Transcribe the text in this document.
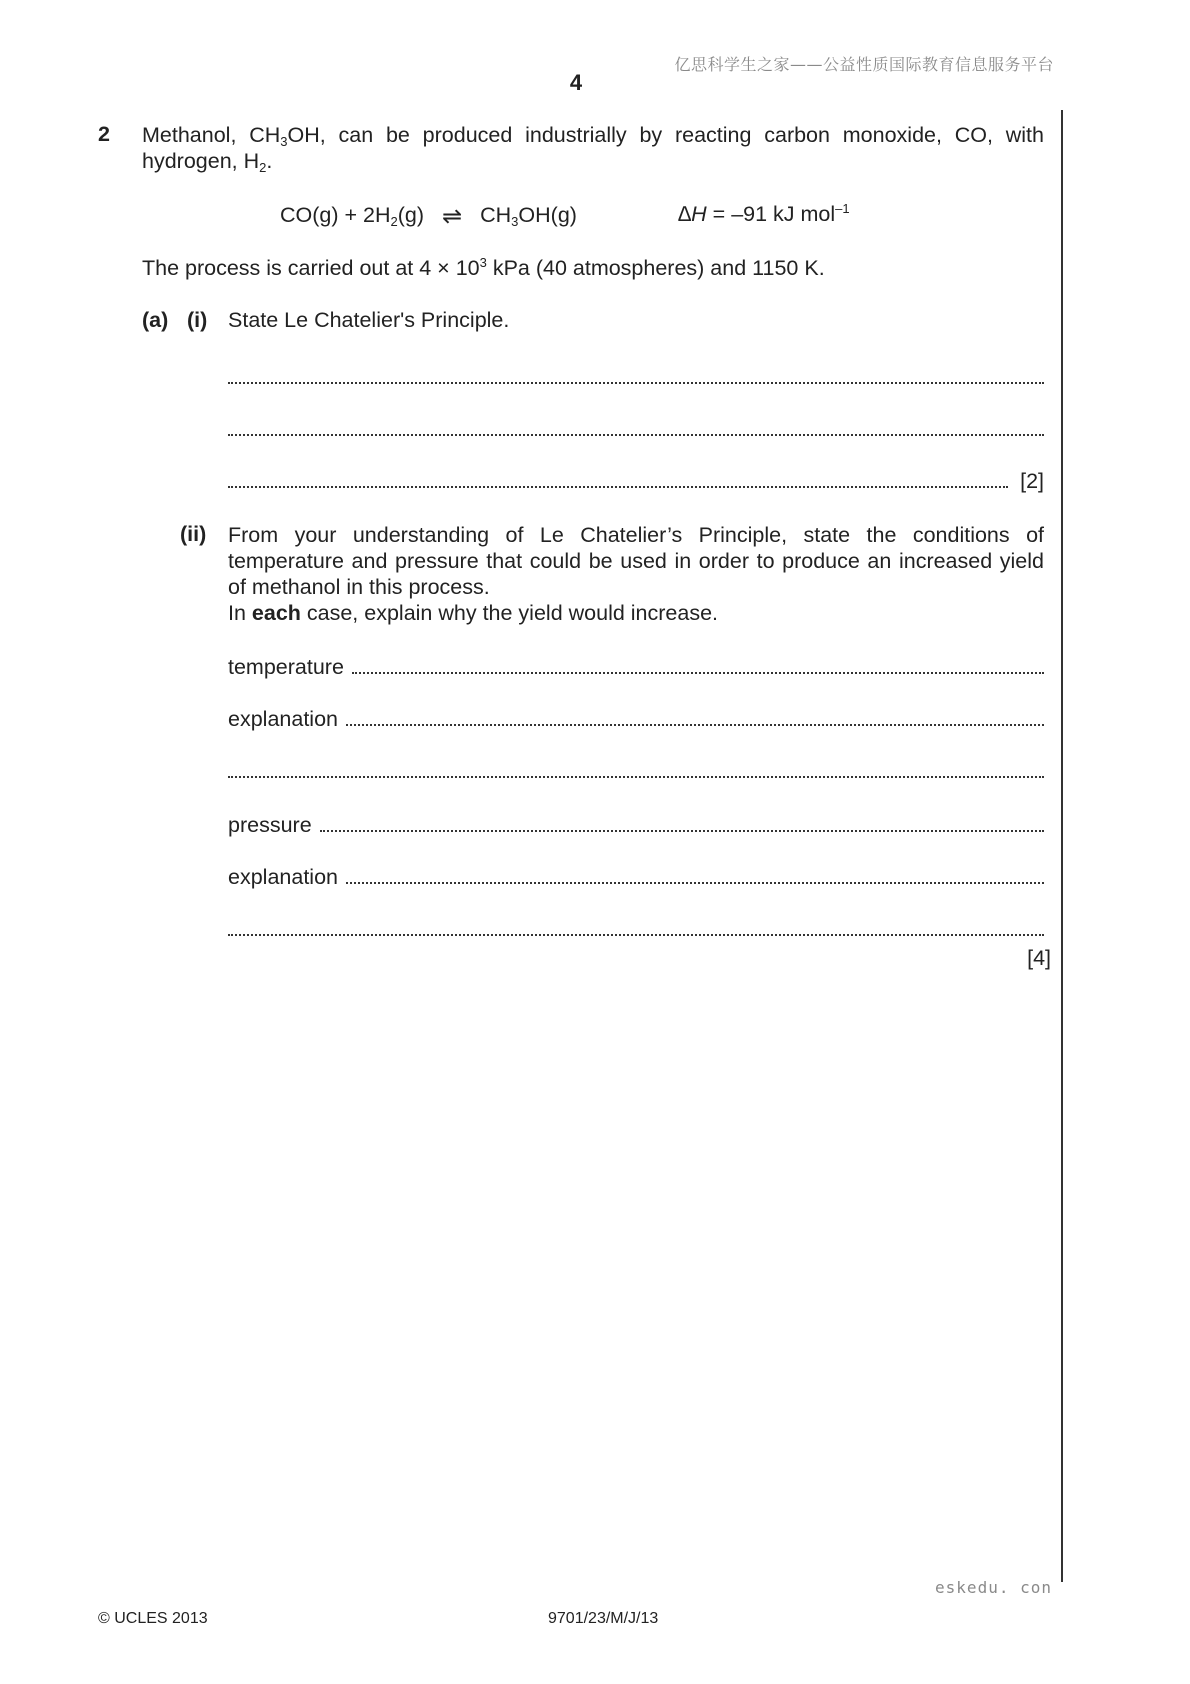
亿思科学生之家——公益性质国际教育信息服务平台
4
2 Methanol, $CH_3OH$, can be produced industrially by reacting carbon monoxide, CO, with hydrogen, $H_2$.
$CO(g) + 2H_2(g)$ ⇌ $CH_3OH(g)$	∆H = –91 kJ mol$^{-1}$
The process is carried out at $4 \times 10^3$ kPa (40 atmospheres) and 1150 K.
(a) (i) State Le Chatelier's Principle.
[2]
(ii) From your understanding of Le Chatelier’s Principle, state the conditions of temperature and pressure that could be used in order to produce an increased yield of methanol in this process.
In each case, explain why the yield would increase.
temperature
explanation
pressure
explanation
[4]
eskedu. con
© UCLES 2013	9701/23/M/J/13
